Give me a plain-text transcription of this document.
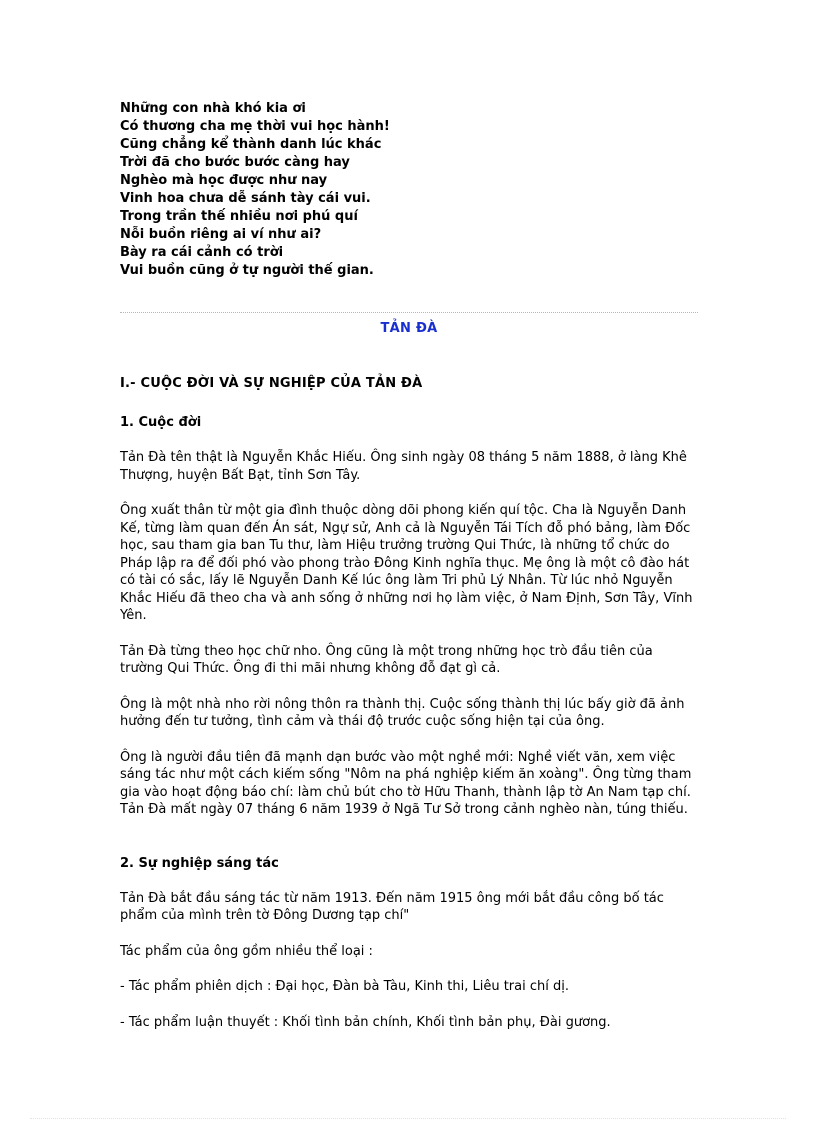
Những con nhà khó kia ơi
Có thương cha mẹ thời vui học hành!
Cũng chẳng kể thành danh lúc khác
Trời đã cho bước bước càng hay
Nghèo mà học được như nay
Vinh hoa chưa dễ sánh tày cái vui.
Trong trần thế nhiều nơi phú quí
Nỗi buồn riêng ai ví như ai?
Bày ra cái cảnh có trời
Vui buồn cũng ở tự người thế gian.
TẢN ĐÀ
I.- CUỘC ĐỜI VÀ SỰ NGHIỆP CỦA TẢN ĐÀ
1. Cuộc đời

Tản Đà tên thật là Nguyễn Khắc Hiếu. Ông sinh ngày 08 tháng 5 năm 1888, ở làng Khê Thượng, huyện Bất Bạt, tỉnh Sơn Tây.

Ông xuất thân từ một gia đình thuộc dòng dõi phong kiến quí tộc. Cha là Nguyễn Danh Kế, từng làm quan đến Án sát, Ngự sử, Anh cả là Nguyễn Tái Tích đỗ phó bảng, làm Đốc học, sau tham gia ban Tu thư, làm Hiệu trưởng trường Qui Thức, là những tổ chức do Pháp lập ra để đối phó vào phong trào Đông Kinh nghĩa thục. Mẹ ông là một cô đào hát có tài có sắc, lấy lẽ Nguyễn Danh Kế lúc ông làm Tri phủ Lý Nhân. Từ lúc nhỏ Nguyễn Khắc Hiếu đã theo cha và anh sống ở những nơi họ làm việc, ở Nam Định, Sơn Tây, Vĩnh Yên.

Tản Đà từng theo học chữ nho. Ông cũng là một trong những học trò đầu tiên của trường Qui Thức. Ông đi thi mãi nhưng không đỗ đạt gì cả.

Ông là một nhà nho rời nông thôn ra thành thị. Cuộc sống thành thị lúc bấy giờ đã ảnh hưởng đến tư tưởng, tình cảm và thái độ trước cuộc sống hiện tại của ông.

Ông là người đầu tiên đã mạnh dạn bước vào một nghề mới: Nghề viết văn, xem việc sáng tác như một cách kiếm sống "Nôm na phá nghiệp kiếm ăn xoàng". Ông từng tham gia vào hoạt động báo chí: làm chủ bút cho tờ Hữu Thanh, thành lập tờ An Nam tạp chí. Tản Đà mất ngày 07 tháng 6 năm 1939 ở Ngã Tư Sở trong cảnh nghèo nàn, túng thiếu.

2. Sự nghiệp sáng tác

Tản Đà bắt đầu sáng tác từ năm 1913. Đến năm 1915 ông mới bắt đầu công bố tác phẩm của mình trên tờ Đông Dương tạp chí"

Tác phẩm của ông gồm nhiều thể loại :

- Tác phẩm phiên dịch : Đại học, Đàn bà Tàu, Kinh thi, Liêu trai chí dị.

- Tác phẩm luận thuyết : Khối tình bản chính, Khối tình bản phụ, Đài gương.
